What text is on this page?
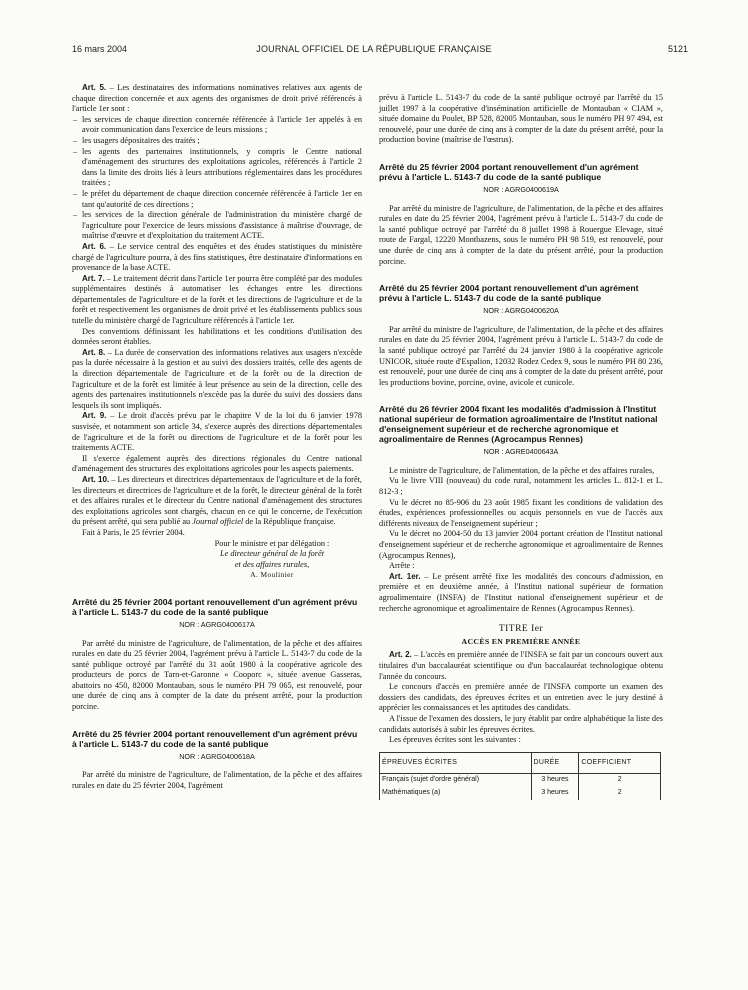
16 mars 2004	JOURNAL OFFICIEL DE LA RÉPUBLIQUE FRANÇAISE	5121

Art. 5. – Les destinataires des informations nominatives relatives aux agents de chaque direction concernée et aux agents des organismes de droit privé référencés à l'article 1er sont :

– les services de chaque direction concernée référencée à l'article 1er appelés à en avoir communication dans l'exercice de leurs missions ;
– les usagers dépositaires des traités ;
– les agents des partenaires institutionnels, y compris le Centre national d'aménagement des structures des exploitations agricoles, référencés à l'article 2 dans la limite des droits liés à leurs attributions réglementaires dans les procédures traitées ;
– le préfet du département de chaque direction concernée référencée à l'article 1er en tant qu'autorité de ces directions ;
– les services de la direction générale de l'administration du ministère chargé de l'agriculture pour l'exercice de leurs missions d'assistance à maîtrise d'ouvrage, de maîtrise d'œuvre et d'exploitation du traitement ACTE.

Art. 6. – Le service central des enquêtes et des études statistiques du ministère chargé de l'agriculture pourra, à des fins statistiques, être destinataire d'informations en provenance de la base ACTE.

Art. 7. – Le traitement décrit dans l'article 1er pourra être complété par des modules supplémentaires destinés à automatiser les échanges entre les directions départementales de l'agriculture et de la forêt et les directions de l'agriculture et de la forêt et respectivement les organismes de droit privé et les établissements publics sous tutelle du ministère chargé de l'agriculture référencés à l'article 1er.

Des conventions définissant les habilitations et les conditions d'utilisation des données seront établies.

Art. 8. – La durée de conservation des informations relatives aux usagers n'excède pas la durée nécessaire à la gestion et au suivi des dossiers traités, celle des agents de la direction départementale de l'agriculture et de la forêt ou de la direction de l'agriculture et de la forêt est limitée à leur présence au sein de la direction, celle des agents des partenaires institutionnels n'excède pas la durée du suivi des dossiers dans lesquels ils sont impliqués.

Art. 9. – Le droit d'accès prévu par le chapitre V de la loi du 6 janvier 1978 susvisée, et notamment son article 34, s'exerce auprès des directions départementales de l'agriculture et de la forêt ou directions de l'agriculture et de la forêt pour les traitements ACTE.

Il s'exerce également auprès des directions régionales du Centre national d'aménagement des structures des exploitations agricoles pour les aspects paiements.

Art. 10. – Les directeurs et directrices départementaux de l'agriculture et de la forêt, les directeurs et directrices de l'agriculture et de la forêt, le directeur général de la forêt et des affaires rurales et le directeur du Centre national d'aménagement des structures des exploitations agricoles sont chargés, chacun en ce qui le concerne, de l'exécution du présent arrêté, qui sera publié au Journal officiel de la République française.

Fait à Paris, le 25 février 2004.

Pour le ministre et par délégation :
Le directeur général de la forêt
et des affaires rurales,
A. Moulinier
Arrêté du 25 février 2004 portant renouvellement d'un agrément prévu à l'article L. 5143-7 du code de la santé publique
NOR : AGRG0400617A

Par arrêté du ministre de l'agriculture, de l'alimentation, de la pêche et des affaires rurales en date du 25 février 2004, l'agrément prévu à l'article L. 5143-7 du code de la santé publique octroyé par l'arrêté du 31 août 1980 à la coopérative agricole des producteurs de porcs de Tarn-et-Garonne « Cooporc », située avenue Gasseras, abattoirs no 450, 82000 Montauban, sous le numéro PH 79 065, est renouvelé, pour une durée de cinq ans à compter de la date du présent arrêté, pour la production porcine.

Arrêté du 25 février 2004 portant renouvellement d'un agrément prévu à l'article L. 5143-7 du code de la santé publique
NOR : AGRG0400618A

Par arrêté du ministre de l'agriculture, de l'alimentation, de la pêche et des affaires rurales en date du 25 février 2004, l'agrément

prévu à l'article L. 5143-7 du code de la santé publique octroyé par l'arrêté du 15 juillet 1997 à la coopérative d'insémination artificielle de Montauban « CIAM », située domaine du Poulet, BP 528, 82005 Montauban, sous le numéro PH 97 494, est renouvelé, pour une durée de cinq ans à compter de la date du présent arrêté, pour la production bovine (maîtrise de l'œstrus).

Arrêté du 25 février 2004 portant renouvellement d'un agrément prévu à l'article L. 5143-7 du code de la santé publique
NOR : AGRG0400619A

Par arrêté du ministre de l'agriculture, de l'alimentation, de la pêche et des affaires rurales en date du 25 février 2004, l'agrément prévu à l'article L. 5143-7 du code de la santé publique octroyé par l'arrêté du 8 juillet 1998 à Rouergue Elevage, situé route de Fargal, 12220 Montbazens, sous le numéro PH 98 519, est renouvelé, pour une durée de cinq ans à compter de la date du présent arrêté, pour la production porcine.

Arrêté du 25 février 2004 portant renouvellement d'un agrément prévu à l'article L. 5143-7 du code de la santé publique
NOR : AGRG0400620A

Par arrêté du ministre de l'agriculture, de l'alimentation, de la pêche et des affaires rurales en date du 25 février 2004, l'agrément prévu à l'article L. 5143-7 du code de la santé publique octroyé par l'arrêté du 24 janvier 1980 à la coopérative agricole UNICOR, située route d'Espalion, 12032 Rodez Cedex 9, sous le numéro PH 80 236, est renouvelé, pour une durée de cinq ans à compter de la date du présent arrêté, pour les productions bovine, porcine, ovine, avicole et cunicole.

Arrêté du 26 février 2004 fixant les modalités d'admission à l'Institut national supérieur de formation agroalimentaire de l'Institut national d'enseignement supérieur et de recherche agronomique et agroalimentaire de Rennes (Agrocampus Rennes)
NOR : AGRE0400643A

Le ministre de l'agriculture, de l'alimentation, de la pêche et des affaires rurales,

Vu le livre VIII (nouveau) du code rural, notamment les articles L. 812-1 et L. 812-3 ;

Vu le décret no 85-906 du 23 août 1985 fixant les conditions de validation des études, expériences professionnelles ou acquis personnels en vue de l'accès aux différents niveaux de l'enseignement supérieur ;

Vu le décret no 2004-50 du 13 janvier 2004 portant création de l'Institut national d'enseignement supérieur et de recherche agronomique et agroalimentaire de Rennes (Agrocampus Rennes),

Arrête :

Art. 1er. – Le présent arrêté fixe les modalités des concours d'admission, en première et en deuxième année, à l'Institut national supérieur de formation agroalimentaire (INSFA) de l'Institut national d'enseignement supérieur et de recherche agronomique et agroalimentaire de Rennes (Agrocampus Rennes).

TITRE Ier
ACCÈS EN PREMIÈRE ANNÉE

Art. 2. – L'accès en première année de l'INSFA se fait par un concours ouvert aux titulaires d'un baccalauréat scientifique ou d'un baccalauréat technologique obtenu l'année du concours.

Le concours d'accès en première année de l'INSFA comporte un examen des dossiers des candidats, des épreuves écrites et un entretien avec le jury destiné à apprécier les connaissances et les aptitudes des candidats.

A l'issue de l'examen des dossiers, le jury établit par ordre alphabétique la liste des candidats autorisés à subir les épreuves écrites.

Les épreuves écrites sont les suivantes :

ÉPREUVES ÉCRITES	DURÉE	COEFFICIENT
Français (sujet d'ordre général)	3 heures	2
Mathématiques (a)	3 heures	2
